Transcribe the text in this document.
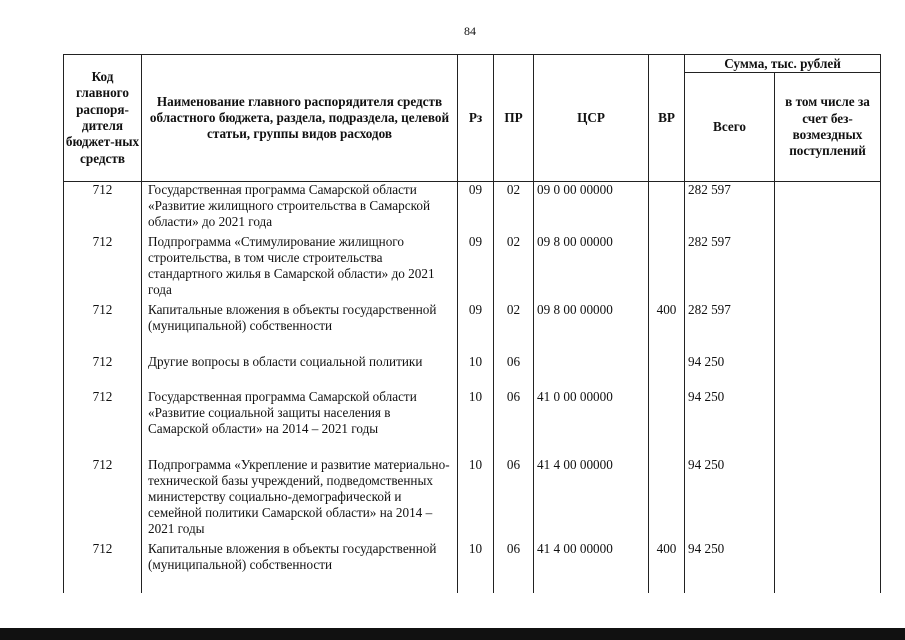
84
Код главного распоря-дителя бюджет-ных средств	Наименование главного распорядителя средств областного бюджета, раздела, подраздела, целевой статьи, группы видов расходов	Рз	ПР	ЦСР	ВР	Сумма, тыс. рублей	
						Всего	в том числе за счет без-возмездных поступлений
712	Государственная программа Самарской области «Развитие жилищного строительства в Самарской области» до 2021 года	09	02	09 0 00 00000		282 597	
712	Подпрограмма «Стимулирование жилищного строительства, в том числе строительства стандартного жилья в Самарской области» до 2021 года	09	02	09 8 00 00000		282 597	
712	Капитальные вложения в объекты государственной (муниципальной) собственности	09	02	09 8 00 00000	400	282 597	
712	Другие вопросы в области социальной политики	10	06			94 250	
712	Государственная программа Самарской области «Развитие социальной защиты населения в Самарской области» на 2014 – 2021 годы	10	06	41 0 00 00000		94 250	
712	Подпрограмма «Укрепление и развитие материально-технической базы учреждений, подведомственных министерству социально-демографической и семейной политики Самарской области» на 2014 – 2021 годы	10	06	41 4 00 00000		94 250	
712	Капитальные вложения в объекты государственной (муниципальной) собственности	10	06	41 4 00 00000	400	94 250	
